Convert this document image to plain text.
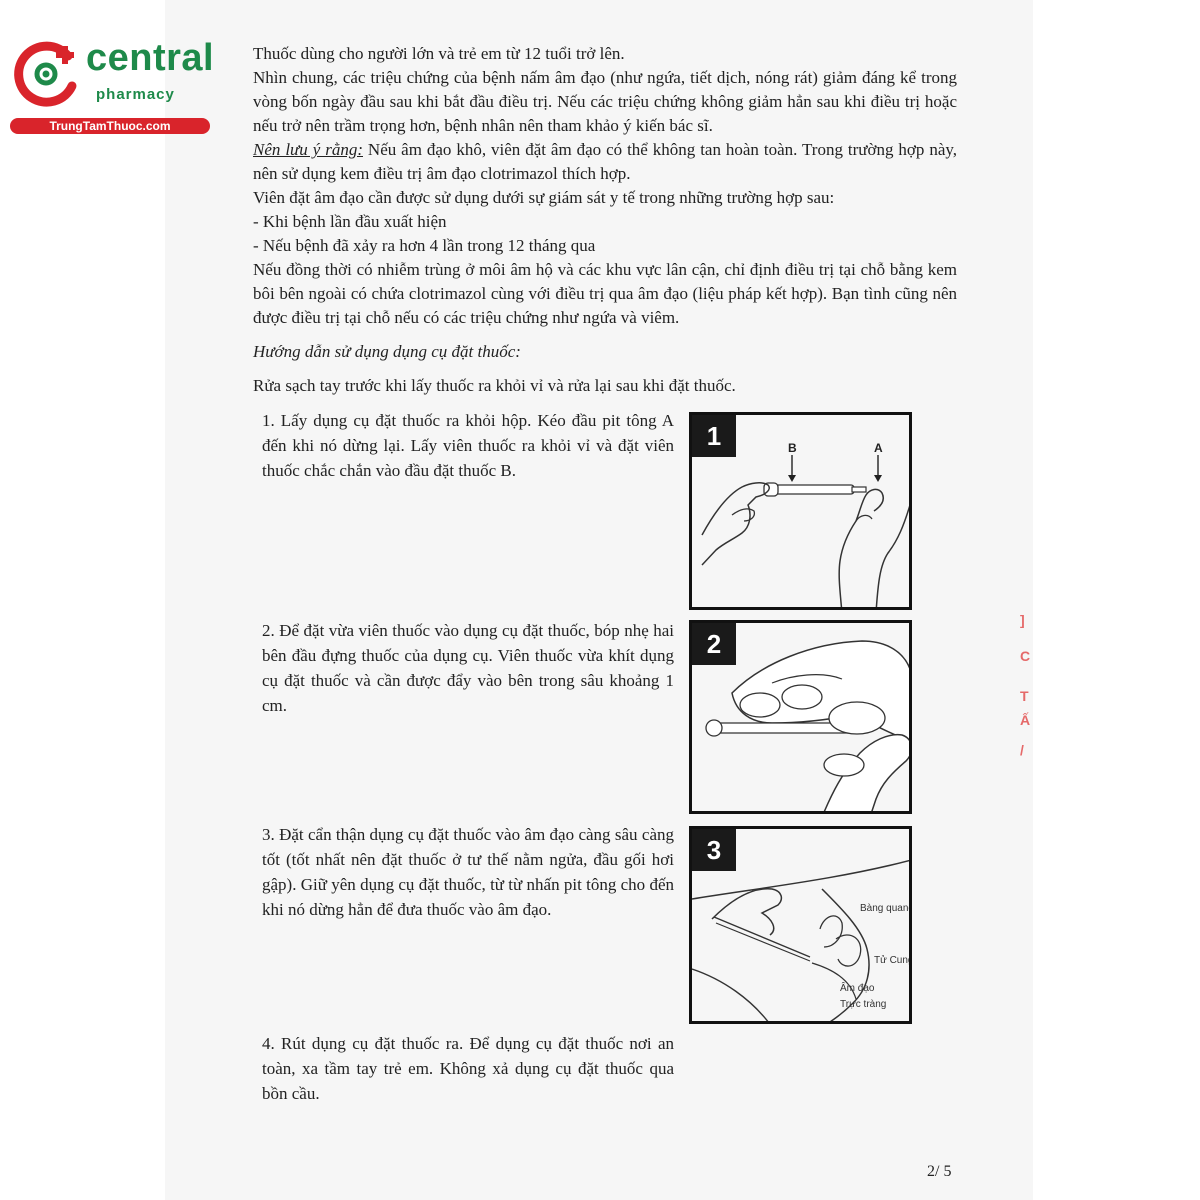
central
pharmacy
TrungTamThuoc.com

Thuốc dùng cho người lớn và trẻ em từ 12 tuổi trở lên.

Nhìn chung, các triệu chứng của bệnh nấm âm đạo (như ngứa, tiết dịch, nóng rát) giảm đáng kể trong vòng bốn ngày đầu sau khi bắt đầu điều trị. Nếu các triệu chứng không giảm hẳn sau khi điều trị hoặc nếu trở nên trầm trọng hơn, bệnh nhân nên tham khảo ý kiến bác sĩ.

Nên lưu ý rằng: Nếu âm đạo khô, viên đặt âm đạo có thể không tan hoàn toàn. Trong trường hợp này, nên sử dụng kem điều trị âm đạo clotrimazol thích hợp.

Viên đặt âm đạo cần được sử dụng dưới sự giám sát y tế trong những trường hợp sau:

- Khi bệnh lần đầu xuất hiện

- Nếu bệnh đã xảy ra hơn 4 lần trong 12 tháng qua

Nếu đồng thời có nhiễm trùng ở môi âm hộ và các khu vực lân cận, chỉ định điều trị tại chỗ bằng kem bôi bên ngoài có chứa clotrimazol cùng với điều trị qua âm đạo (liệu pháp kết hợp). Bạn tình cũng nên được điều trị tại chỗ nếu có các triệu chứng như ngứa và viêm.

Hướng dẫn sử dụng dụng cụ đặt thuốc:

Rửa sạch tay trước khi lấy thuốc ra khỏi vỉ và rửa lại sau khi đặt thuốc.

1. Lấy dụng cụ đặt thuốc ra khỏi hộp. Kéo đầu pit tông A đến khi nó dừng lại. Lấy viên thuốc ra khỏi vỉ và đặt viên thuốc chắc chắn vào đầu đặt thuốc B.
2. Để đặt vừa viên thuốc vào dụng cụ đặt thuốc, bóp nhẹ hai bên đầu đựng thuốc của dụng cụ. Viên thuốc vừa khít dụng cụ đặt thuốc và cần được đẩy vào bên trong sâu khoảng 1 cm.
3. Đặt cẩn thận dụng cụ đặt thuốc vào âm đạo càng sâu càng tốt (tốt nhất nên đặt thuốc ở tư thế nằm ngửa, đầu gối hơi gập). Giữ yên dụng cụ đặt thuốc, từ từ nhấn pit tông cho đến khi nó dừng hẳn để đưa thuốc vào âm đạo.
4. Rút dụng cụ đặt thuốc ra. Để dụng cụ đặt thuốc nơi an toàn, xa tầm tay trẻ em. Không xả dụng cụ đặt thuốc qua bồn cầu.
B	A
1
2
Bàng quang
Tử Cung
Âm đạo
Trực tràng
3
]
C
T
Ấ
/
2/ 5
